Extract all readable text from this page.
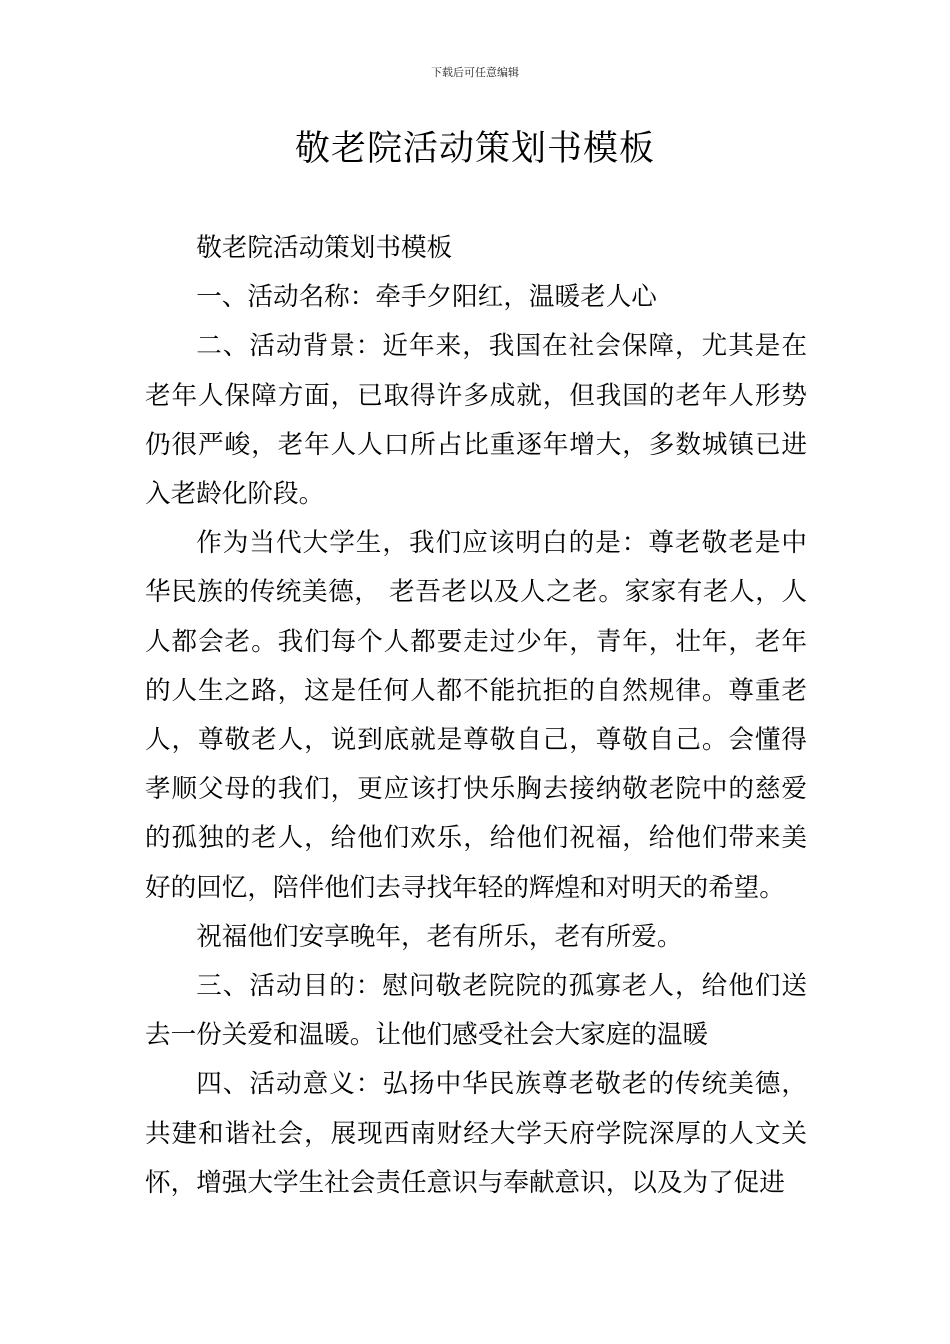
下载后可任意编辑
敬老院活动策划书模板

敬老院活动策划书模板

一、活动名称：牵手夕阳红，温暖老人心

二、活动背景：近年来，我国在社会保障，尤其是在老年人保障方面，已取得许多成就，但我国的老年人形势仍很严峻，老年人人口所占比重逐年增大，多数城镇已进入老龄化阶段。

作为当代大学生，我们应该明白的是：尊老敬老是中华民族的传统美德， 老吾老以及人之老。家家有老人，人人都会老。我们每个人都要走过少年，青年，壮年，老年的人生之路，这是任何人都不能抗拒的自然规律。尊重老人，尊敬老人，说到底就是尊敬自己，尊敬自己。会懂得孝顺父母的我们，更应该打快乐胸去接纳敬老院中的慈爱的孤独的老人，给他们欢乐，给他们祝福，给他们带来美好的回忆，陪伴他们去寻找年轻的辉煌和对明天的希望。

祝福他们安享晚年，老有所乐，老有所爱。

三、活动目的：慰问敬老院院的孤寡老人，给他们送去一份关爱和温暖。让他们感受社会大家庭的温暖

四、活动意义：弘扬中华民族尊老敬老的传统美德，共建和谐社会，展现西南财经大学天府学院深厚的人文关怀，增强大学生社会责任意识与奉献意识，以及为了促进
